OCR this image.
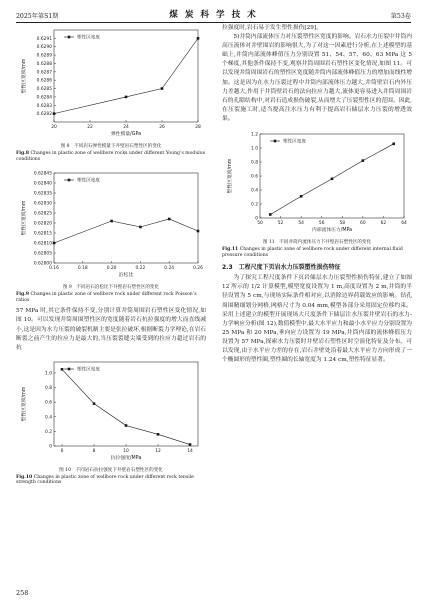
2025年第S1期	煤 炭 科 学 技 术	第53卷
20	22	24	26	28
0.6282
0.6283
0.6284
0.6285
0.6286
0.6287
0.6288
0.6289
0.6290
0.6291
弹性模量/GPa
塑性区宽度/mm
塑性区宽度
图 8　不同岩石弹性模量下井壁岩石塑性区的变化
Fig.8 Changes in plastic zone of wellbore rocks under different Young’s modulus conditions
0.16	0.18	0.20	0.22	0.24	0.26
0.62800
0.62805
0.62810
0.62815
0.62820
0.62825
0.62830
0.62835
0.62840
0.62845
泊松比
塑性区宽度/mm
塑性区宽度
图 9　不同岩石泊松比下井壁岩石塑性区的变化
Fig.9 Changes in plastic zone of wellbore rock under different rock Poisson’s ratios

57 MPa 时,其它条件保持不变,分别计算井筒周围岩石塑性区变化情况,如图 10。可以发现井筒周围塑性区的宽度随着岩石抗拉强度的增大而直线减小,这是因为水力压裂的破裂机制主要是张拉破坏,根据断裂力学理论,在岩石断裂之前产生的拉应力是最大的,当压裂裂缝尖端受到的拉应力超过岩石的抗

6	8	10	12	14
0
0.2
0.4
0.6
0.8
1.0
抗拉强度/MPa
塑性区宽度/mm
塑性区宽度
图 10　不同岩石抗拉强度下井壁岩石塑性区的变化
Fig.10 Changes in plastic zone of wellbore rock under different rock tensile strength conditions

拉强度时,岩石易于发生塑性损伤[29]。

5)井筒内部流体压力对压裂塑性区宽度的影响。岩石水力压裂中井筒内高压流体对井壁围岩的影响很大,为了对这一因素进行分析,在上述模型的基础上,井筒内部流体峰值压力分别设置 51、54、57、60、63 MPa 这 5 个梯度,其他条件保持不变,观察井筒周围岩石塑性区变化情况,如图 11。可以发现井筒周围岩石的塑性区宽度随井筒内部流体峰值压力的增加而线性增加。这是因为在水力压裂过程中井筒内部流体压力越大,井筒壁岩石内外压力差越大,作用于井筒壁岩石的法向拉应力越大,流体更容易进入井筒周围岩石的孔隙结构中,对岩石造成损伤破裂,从而增大了压裂塑性区的范围。因此,在压裂施工时,适当提高注水压力有利于提高岩石储层水力压裂的增透效果。

50	52	54	56	58	60	62	64
0
0.2
0.4
0.6
0.8
1.0
1.2
内部流体压力/MPa
塑性区宽度/mm
塑性区宽度
图 11　不同井筒内流体压力下井壁岩石塑性区的变化
Fig.11 Changes in plastic zone of wellbore rock under different internal fluid pressure conditions
2.3　工程尺度下页岩水力压裂塑性损伤特征

为了探究工程尺度条件下页岩储层水力压裂塑性损伤特征,建立了如图 12 所示的 1/2 计算模型,模型宽度设置为 1 m,高度设置为 2 m,井筒的半径设置为 5 cm,与现场实际条件相对应,以消除边界荷载效应的影响。钻孔周围精细划分网格,网格尺寸为 0.04 mm,模型各部分采用固定位移约束。采用上述建立的模型开展现场大尺度条件下储层注水压裂井壁岩石的水力-力学响应分析(图 12),数值模型中,最大水平应力和最小水平应力分别设置为 25 MPa 和 20 MPa,垂向应力设置为 19 MPa,井筒内部的流体峰值压力设置为 57 MPa,探索水力压裂时井壁岩石塑性区时空演化特征及分布。可以发现,由于水平应力差的存在,岩石井壁处沿着最大水平应力方向形成了一个椭圆形的塑性圈,塑性圈的长轴宽度为 1.24 cm,塑性特征显著。

258
